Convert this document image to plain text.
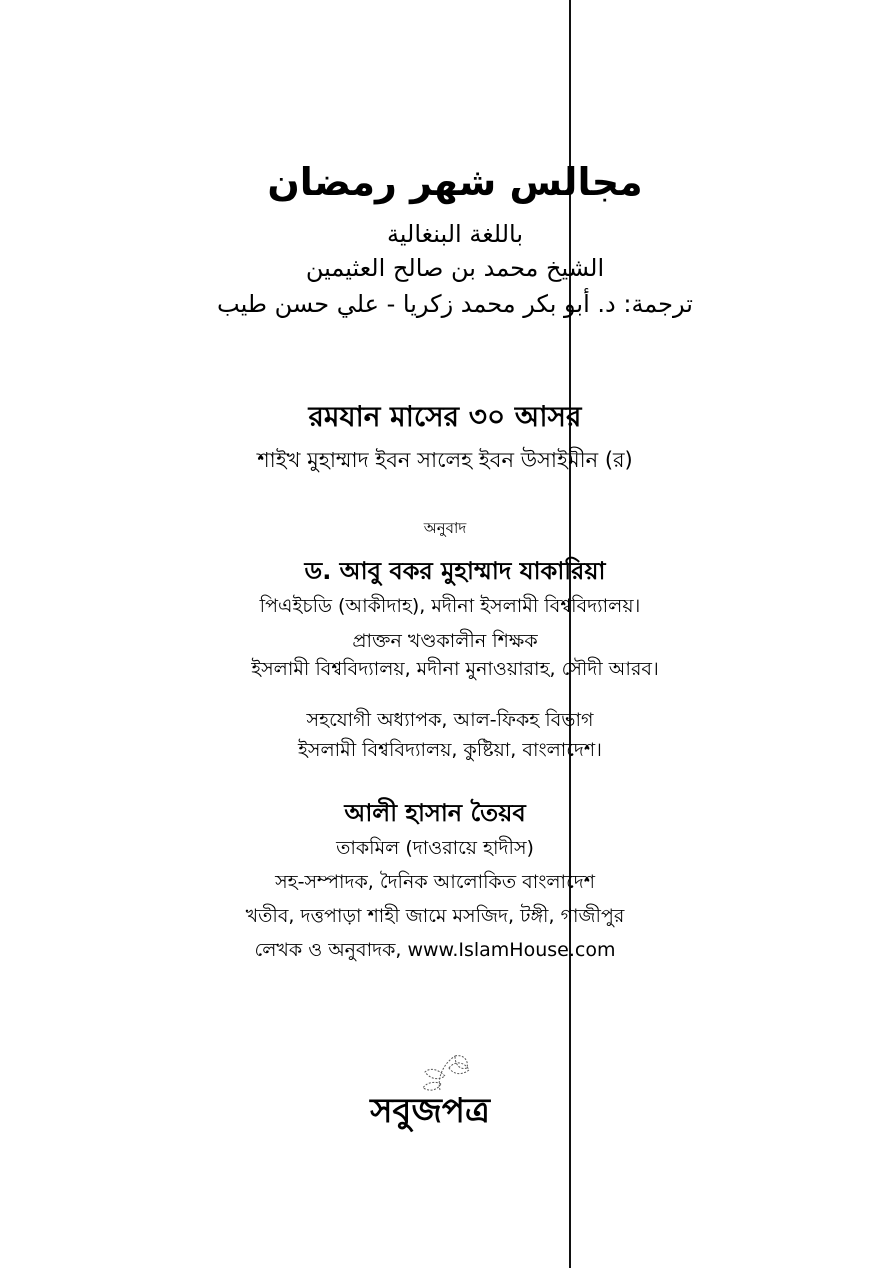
مجالس شهر رمضان
باللغة البنغالية
الشيخ محمد بن صالح العثيمين
ترجمة: د. أبو بكر محمد زكريا - علي حسن طيب
রমযান মাসের ৩০ আসর
শাইখ মুহাম্মাদ ইবন সালেহ ইবন উসাইমীন (র)
অনুবাদ
ড. আবু বকর মুহাম্মাদ যাকারিয়া
পিএইচডি (আকীদাহ), মদীনা ইসলামী বিশ্ববিদ্যালয়।
প্রাক্তন খণ্ডকালীন শিক্ষক
ইসলামী বিশ্ববিদ্যালয়, মদীনা মুনাওয়ারাহ, সৌদী আরব।
সহযোগী অধ্যাপক, আল-ফিকহ বিভাগ
ইসলামী বিশ্ববিদ্যালয়, কুষ্টিয়া, বাংলাদেশ।
আলী হাসান তৈয়ব
তাকমিল (দাওরায়ে হাদীস)
সহ-সম্পাদক, দৈনিক আলোকিত বাংলাদেশ
খতীব, দত্তপাড়া শাহী জামে মসজিদ, টঙ্গী, গাজীপুর
লেখক ও অনুবাদক, www.IslamHouse.com
সবুজপত্র
